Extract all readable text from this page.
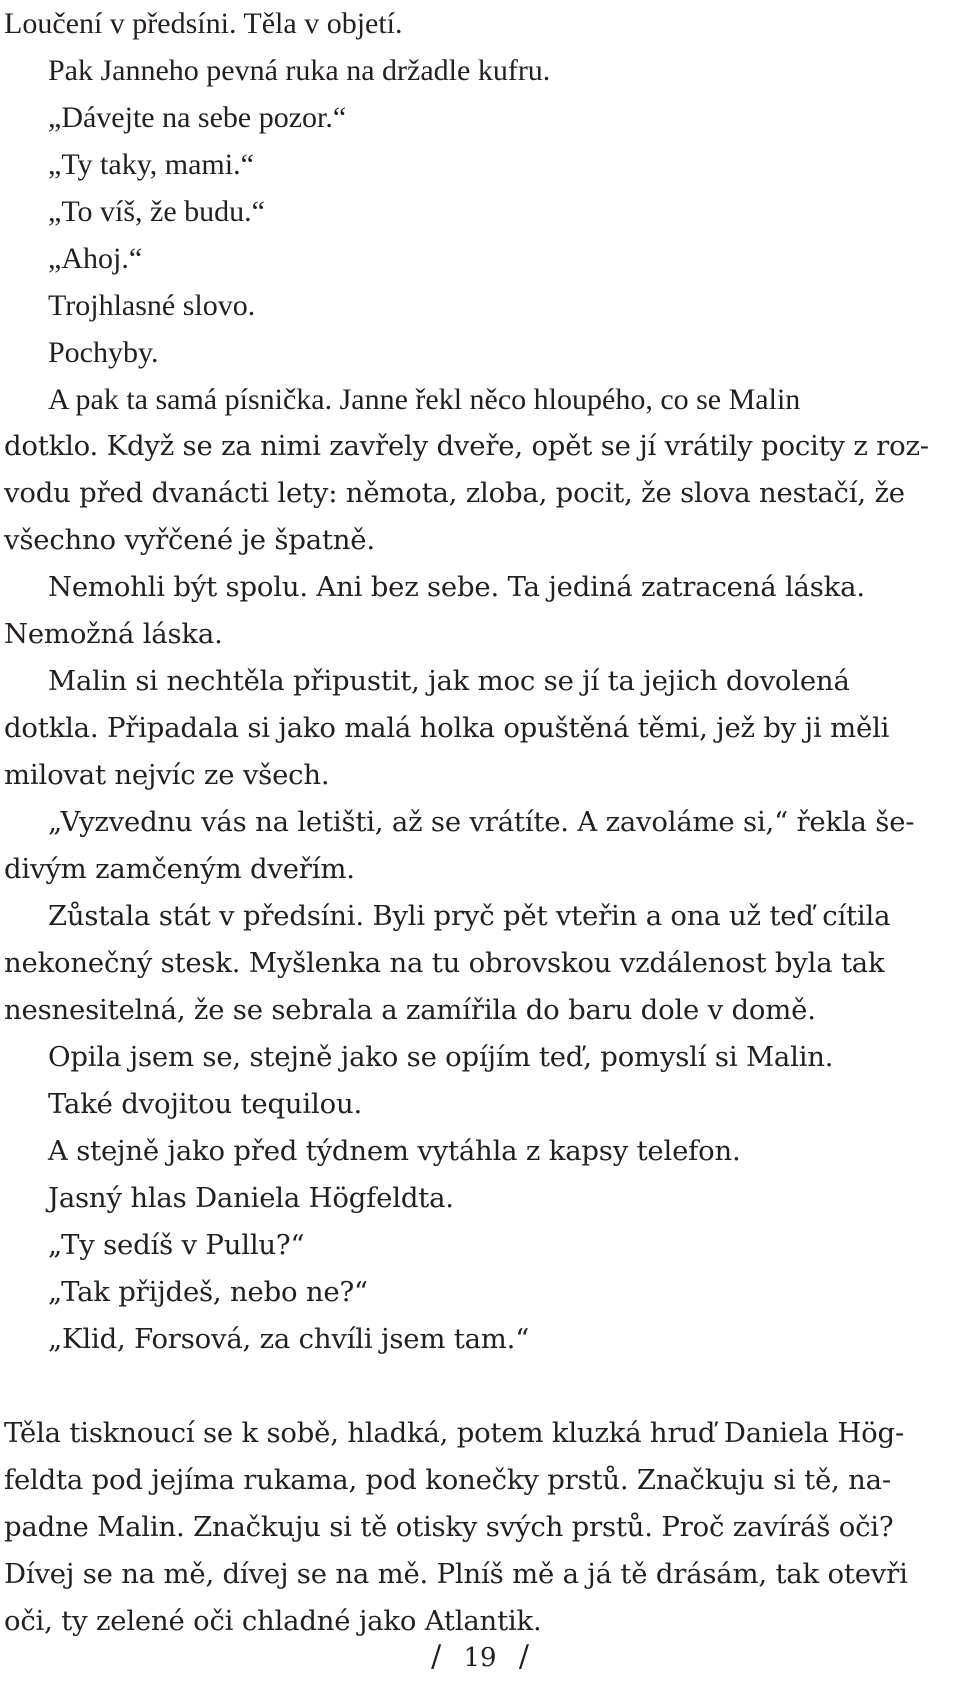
Loučení v předsíni. Těla v objetí.
Pak Janneho pevná ruka na držadle kufru.
„Dávejte na sebe pozor.“
„Ty taky, mami.“
„To víš, že budu.“
„Ahoj.“
Trojhlasné slovo.
Pochyby.
A pak ta samá písnička. Janne řekl něco hloupého, co se Malin
dotklo. Když se za nimi zavřely dveře, opět se jí vrátily pocity z roz-
vodu před dvanácti lety: němota, zloba, pocit, že slova nestačí, že
všechno vyřčené je špatně.
Nemohli být spolu. Ani bez sebe. Ta jediná zatracená láska.
Nemožná láska.
Malin si nechtěla připustit, jak moc se jí ta jejich dovolená
dotkla. Připadala si jako malá holka opuštěná těmi, jež by ji měli
milovat nejvíc ze všech.
„Vyzvednu vás na letišti, až se vrátíte. A zavoláme si,“ řekla še-
divým zamčeným dveřím.
Zůstala stát v předsíni. Byli pryč pět vteřin a ona už teď cítila
nekonečný stesk. Myšlenka na tu obrovskou vzdálenost byla tak
nesnesitelná, že se sebrala a zamířila do baru dole v domě.
Opila jsem se, stejně jako se opíjím teď, pomyslí si Malin.
Také dvojitou tequilou.
A stejně jako před týdnem vytáhla z kapsy telefon.
Jasný hlas Daniela Högfeldta.
„Ty sedíš v Pullu?“
„Tak přijdeš, nebo ne?“
„Klid, Forsová, za chvíli jsem tam.“
Těla tisknoucí se k sobě, hladká, potem kluzká hruď Daniela Hög-
feldta pod jejíma rukama, pod konečky prstů. Značkuju si tě, na-
padne Malin. Značkuju si tě otisky svých prstů. Proč zavíráš oči?
Dívej se na mě, dívej se na mě. Plníš mě a já tě drásám, tak otevři
oči, ty zelené oči chladné jako Atlantik.
/ 19 /
